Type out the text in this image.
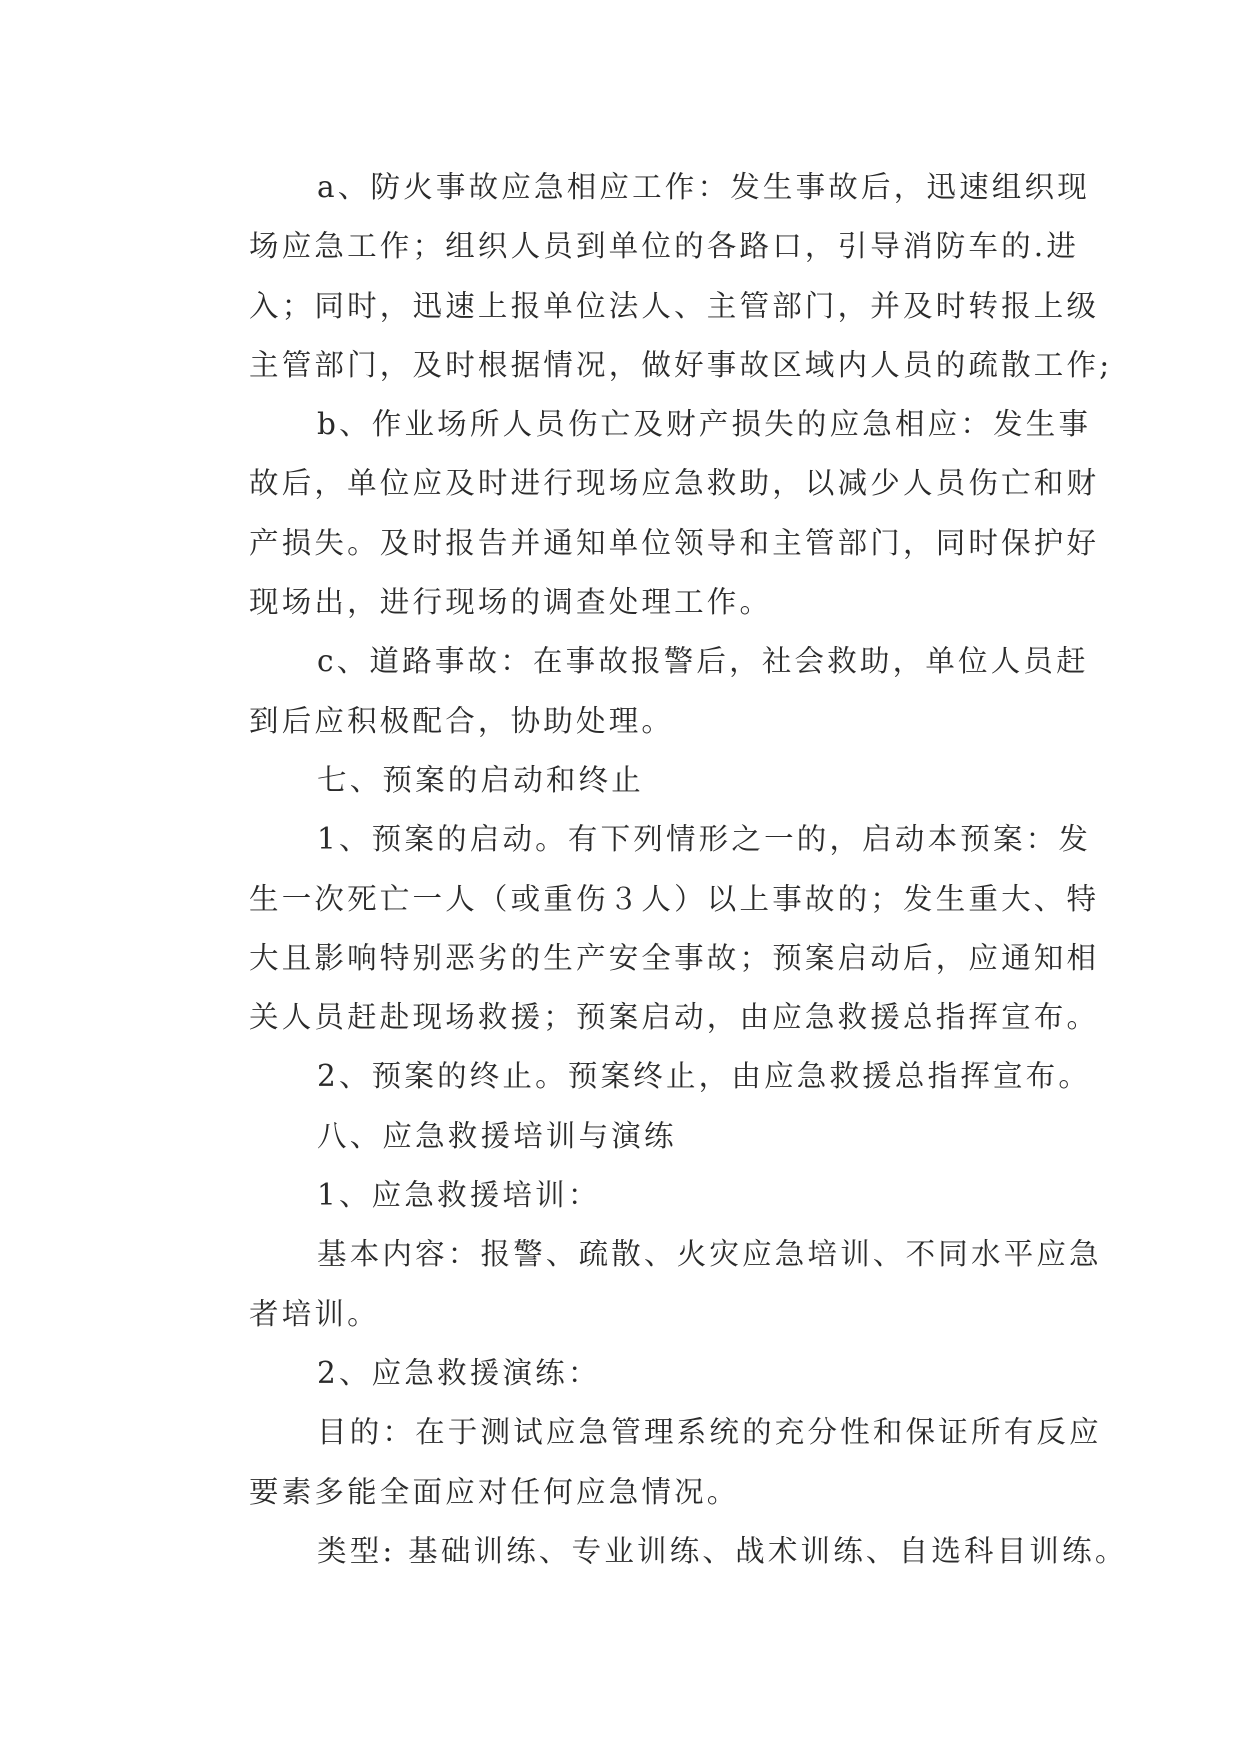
a、防火事故应急相应工作：发生事故后，迅速组织现
场应急工作；组织人员到单位的各路口，引导消防车的.进
入；同时，迅速上报单位法人、主管部门，并及时转报上级
主管部门，及时根据情况，做好事故区域内人员的疏散工作;
b、作业场所人员伤亡及财产损失的应急相应：发生事
故后，单位应及时进行现场应急救助，以减少人员伤亡和财
产损失。及时报告并通知单位领导和主管部门，同时保护好
现场出，进行现场的调查处理工作。
c、道路事故：在事故报警后，社会救助，单位人员赶
到后应积极配合，协助处理。
七、预案的启动和终止
1、预案的启动。有下列情形之一的，启动本预案：发
生一次死亡一人（或重伤３人）以上事故的；发生重大、特
大且影响特别恶劣的生产安全事故；预案启动后，应通知相
关人员赶赴现场救援；预案启动，由应急救援总指挥宣布。
2、预案的终止。预案终止，由应急救援总指挥宣布。
八、应急救援培训与演练
1、应急救援培训：
基本内容：报警、疏散、火灾应急培训、不同水平应急
者培训。
2、应急救援演练：
目的：在于测试应急管理系统的充分性和保证所有反应
要素多能全面应对任何应急情况。
类型: 基础训练、专业训练、战术训练、自选科目训练。
